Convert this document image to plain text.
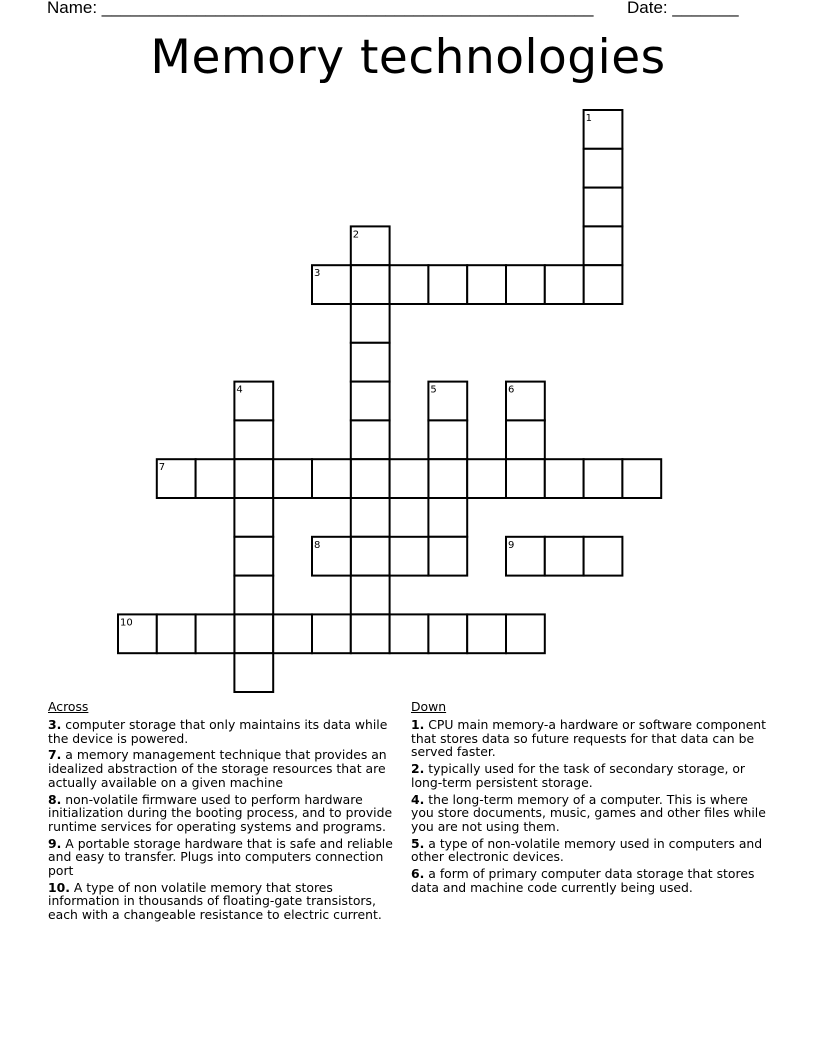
Name: ____________________________________________________ Date: _______
Memory technologies
1
2
3
4	5	6
7
8	9
10
Across
3. computer storage that only maintains its data while the device is powered.
7. a memory management technique that provides an idealized abstraction of the storage resources that are actually available on a given machine
8. non-volatile firmware used to perform hardware initialization during the booting process, and to provide runtime services for operating systems and programs.
9. A portable storage hardware that is safe and reliable and easy to transfer. Plugs into computers connection port
10. A type of non volatile memory that stores information in thousands of floating-gate transistors, each with a changeable resistance to electric current.
Down
1. CPU main memory-a hardware or software component that stores data so future requests for that data can be served faster.
2. typically used for the task of secondary storage, or long-term persistent storage.
4. the long-term memory of a computer. This is where you store documents, music, games and other files while you are not using them.
5. a type of non-volatile memory used in computers and other electronic devices.
6. a form of primary computer data storage that stores data and machine code currently being used.
